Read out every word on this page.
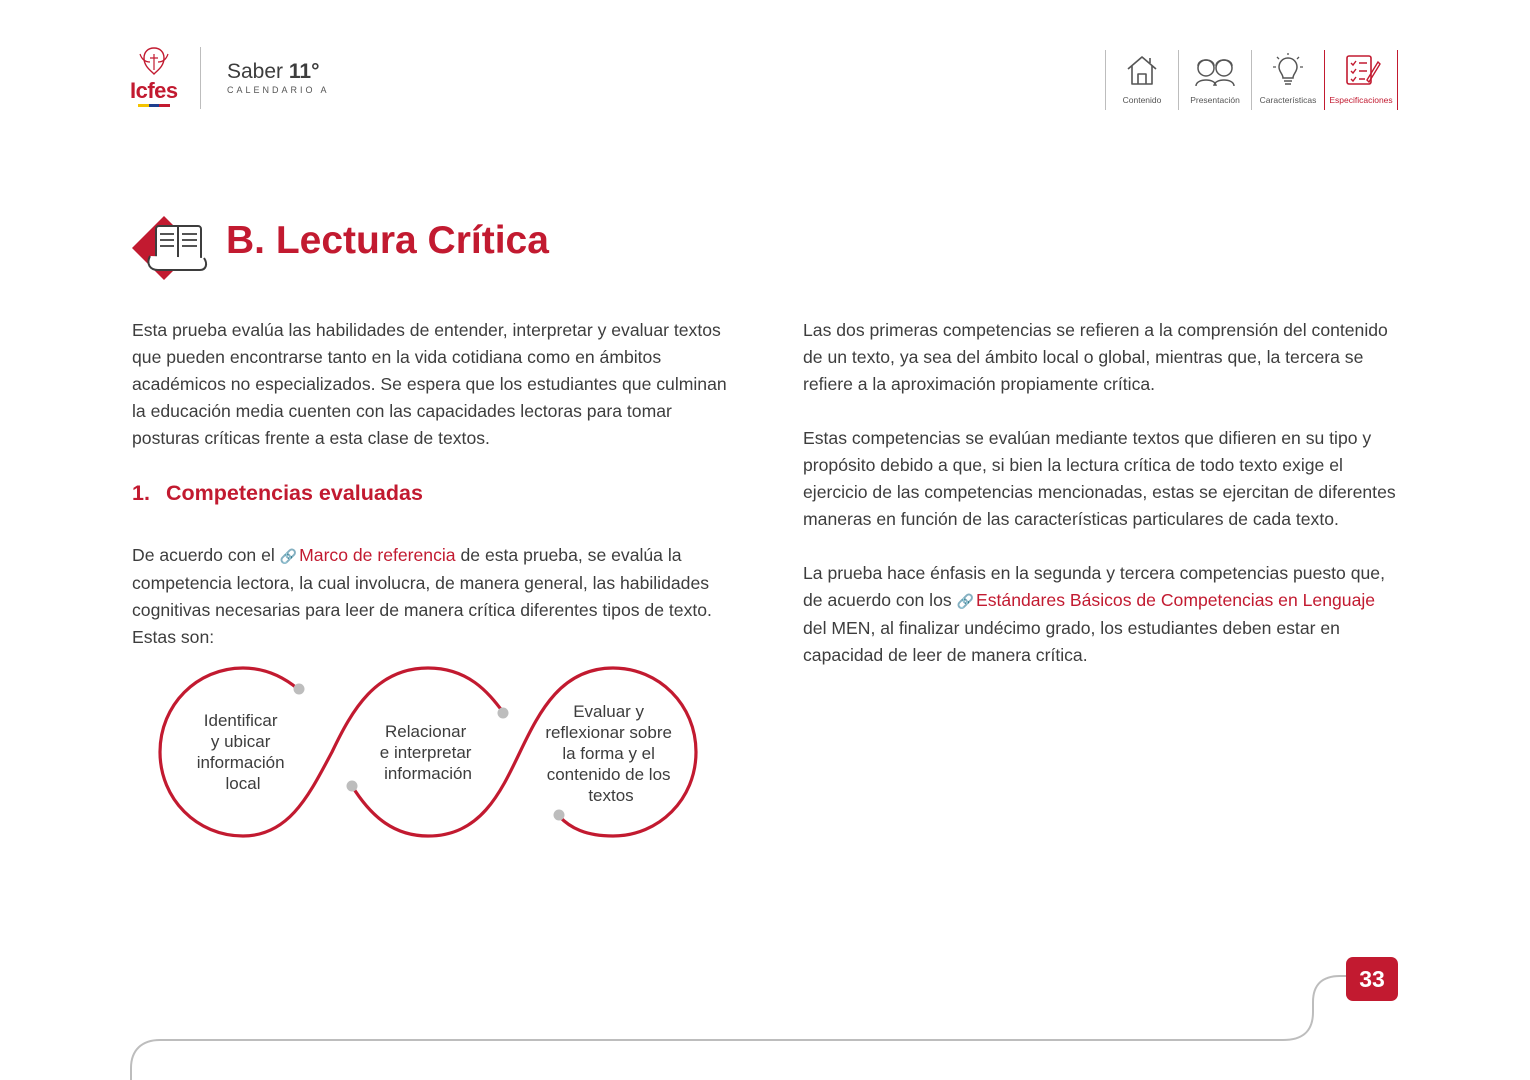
Icfes
Saber 11°
CALENDARIO A
Contenido	Presentación	Características	Especificaciones
B. Lectura Crítica

Esta prueba evalúa las habilidades de entender, interpretar y evaluar textos que pueden encontrarse tanto en la vida cotidiana como en ámbitos académicos no especializados. Se espera que los estudiantes que culminan la educación media cuenten con las capacidades lectoras para tomar posturas críticas frente a esta clase de textos.

1. Competencias evaluadas

De acuerdo con el 🔗 Marco de referencia de esta prueba, se evalúa la competencia lectora, la cual involucra, de manera general, las habilidades cognitivas necesarias para leer de manera crítica diferentes tipos de texto. Estas son:

Identificar y ubicar información local
Relacionar e interpretar información
Evaluar y reflexionar sobre la forma y el contenido de los textos

Las dos primeras competencias se refieren a la comprensión del contenido de un texto, ya sea del ámbito local o global, mientras que, la tercera se refiere a la aproximación propiamente crítica.

Estas competencias se evalúan mediante textos que difieren en su tipo y propósito debido a que, si bien la lectura crítica de todo texto exige el ejercicio de las competencias mencionadas, estas se ejercitan de diferentes maneras en función de las características particulares de cada texto.

La prueba hace énfasis en la segunda y tercera competencias puesto que, de acuerdo con los 🔗 Estándares Básicos de Competencias en Lenguaje del MEN, al finalizar undécimo grado, los estudiantes deben estar en capacidad de leer de manera crítica.

33
